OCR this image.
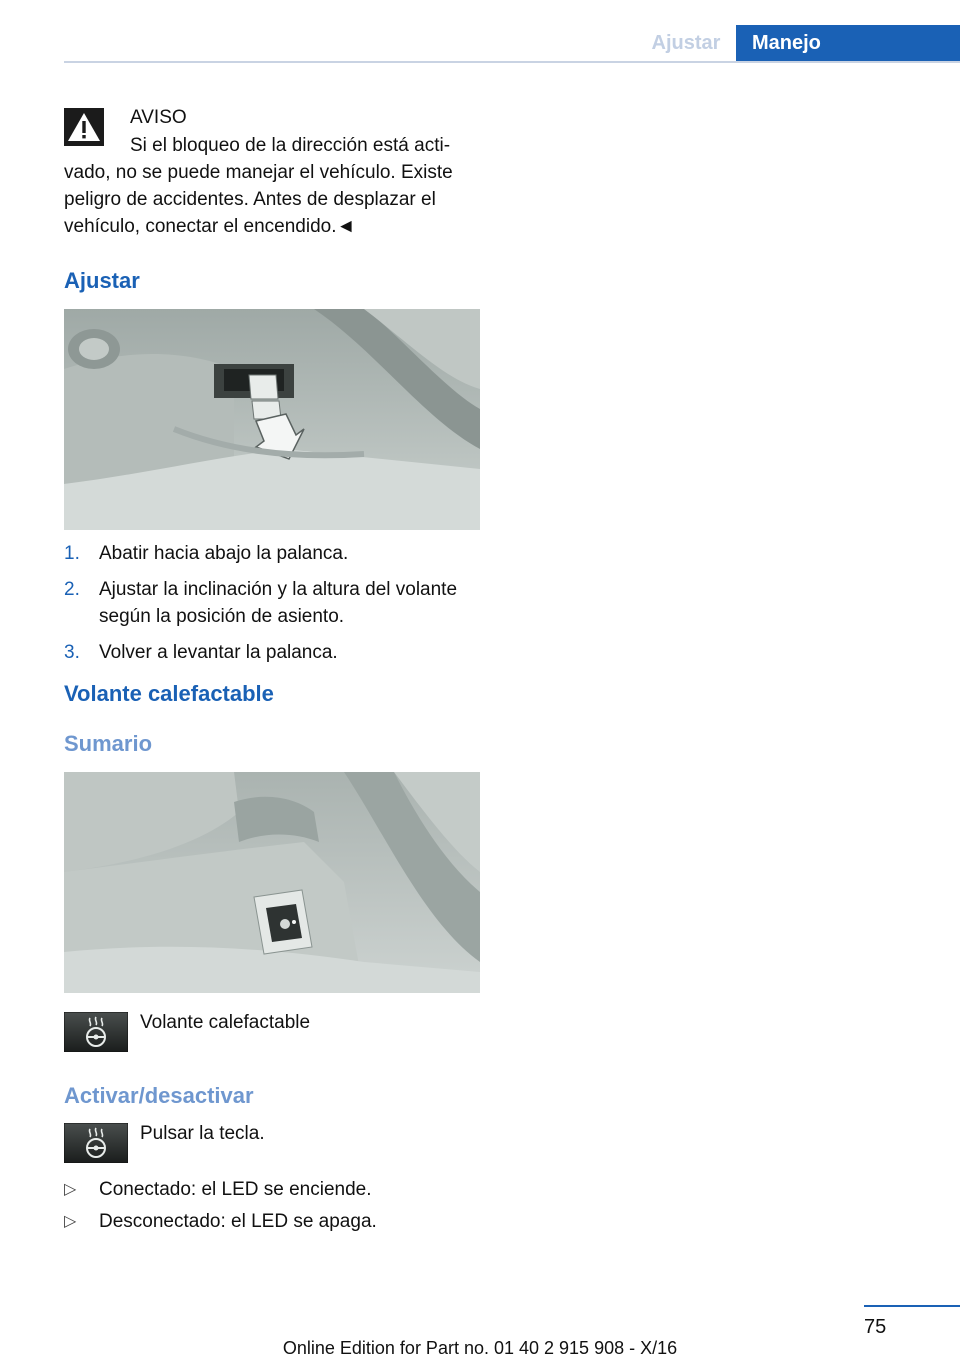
Ajustar	Manejo
AVISO
Si el bloqueo de la dirección está activado, no se puede manejar el vehículo. Existe peligro de accidentes. Antes de desplazar el vehículo, conectar el encendido.◄
Ajustar
1. Abatir hacia abajo la palanca.
2. Ajustar la inclinación y la altura del volante según la posición de asiento.
3. Volver a levantar la palanca.
Volante calefactable
Sumario
Volante calefactable
Activar/desactivar
Pulsar la tecla.
▷ Conectado: el LED se enciende.
▷ Desconectado: el LED se apaga.
75
Online Edition for Part no. 01 40 2 915 908 - X/16
